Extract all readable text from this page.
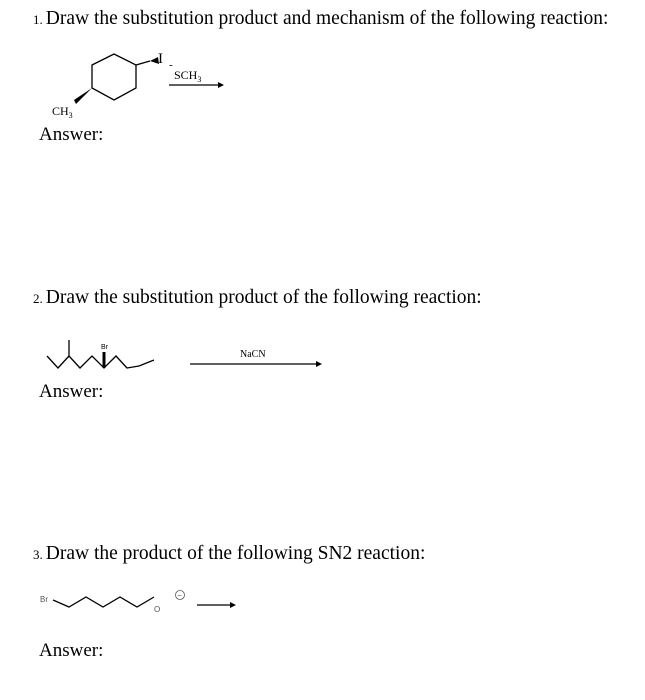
1. Draw the substitution product and mechanism of the following reaction:
I
$CH_3$
-
$SCH_3$
Br
NaCN
Br
O
−
Answer:
2. Draw the substitution product of the following reaction:
Answer:
3. Draw the product of the following SN2 reaction:
Answer:
